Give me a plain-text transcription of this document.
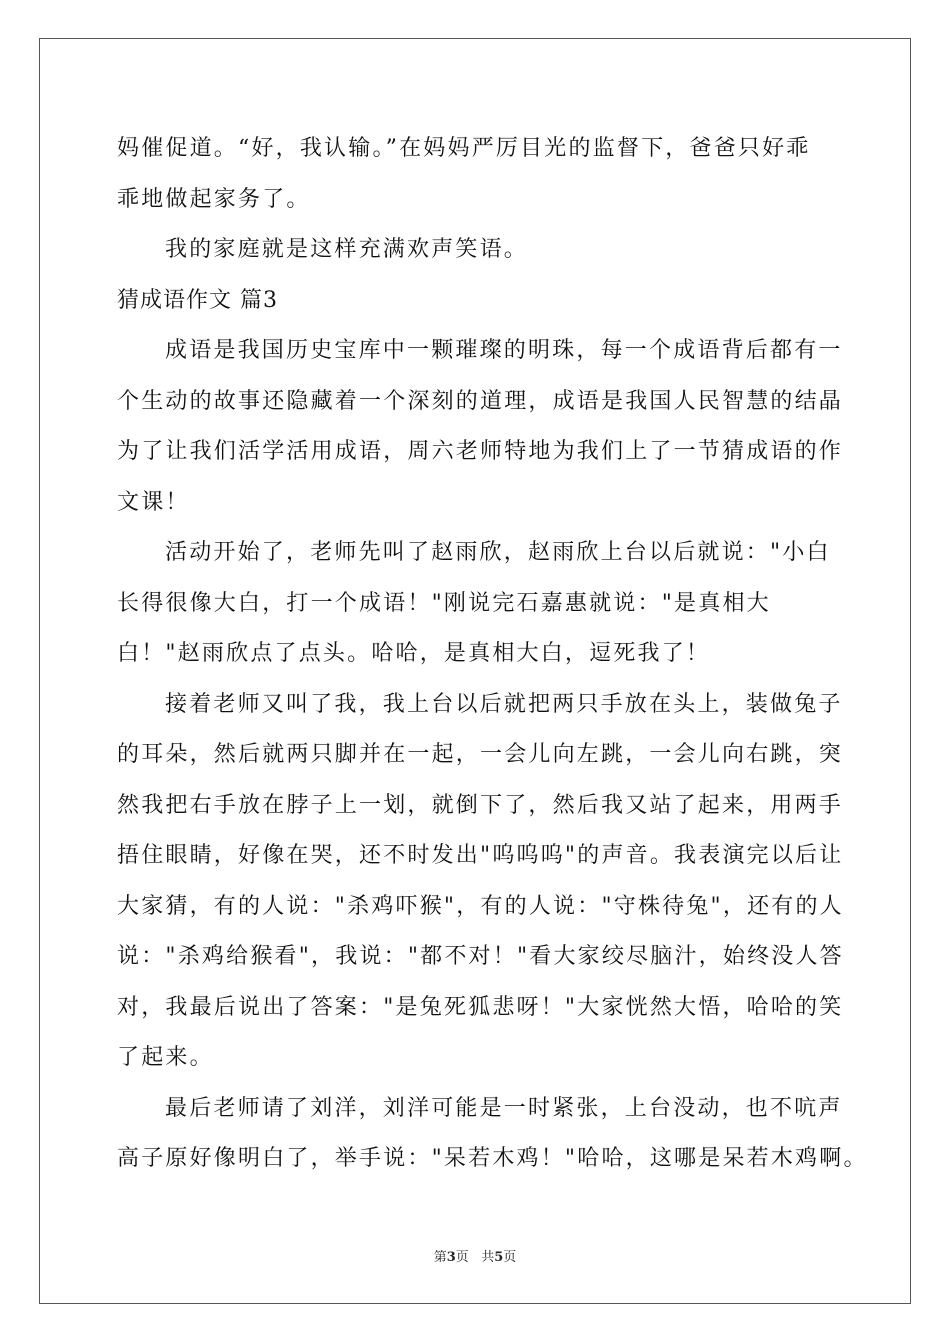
妈催促道。“好，我认输。”在妈妈严厉目光的监督下，爸爸只好乖
乖地做起家务了。
我的家庭就是这样充满欢声笑语。
猜成语作文 篇3
成语是我国历史宝库中一颗璀璨的明珠，每一个成语背后都有一
个生动的故事还隐藏着一个深刻的道理，成语是我国人民智慧的结晶
为了让我们活学活用成语，周六老师特地为我们上了一节猜成语的作
文课！
活动开始了，老师先叫了赵雨欣，赵雨欣上台以后就说："小白
长得很像大白，打一个成语！"刚说完石嘉惠就说："是真相大
白！"赵雨欣点了点头。哈哈，是真相大白，逗死我了！
接着老师又叫了我，我上台以后就把两只手放在头上，装做兔子
的耳朵，然后就两只脚并在一起，一会儿向左跳，一会儿向右跳，突
然我把右手放在脖子上一划，就倒下了，然后我又站了起来，用两手
捂住眼睛，好像在哭，还不时发出"呜呜呜"的声音。我表演完以后让
大家猜，有的人说："杀鸡吓猴"，有的人说："守株待兔"，还有的人
说："杀鸡给猴看"，我说："都不对！"看大家绞尽脑汁，始终没人答
对，我最后说出了答案："是兔死狐悲呀！"大家恍然大悟，哈哈的笑
了起来。
最后老师请了刘洋，刘洋可能是一时紧张，上台没动，也不吭声
高子原好像明白了，举手说："呆若木鸡！"哈哈，这哪是呆若木鸡啊。
第3页   共5页
